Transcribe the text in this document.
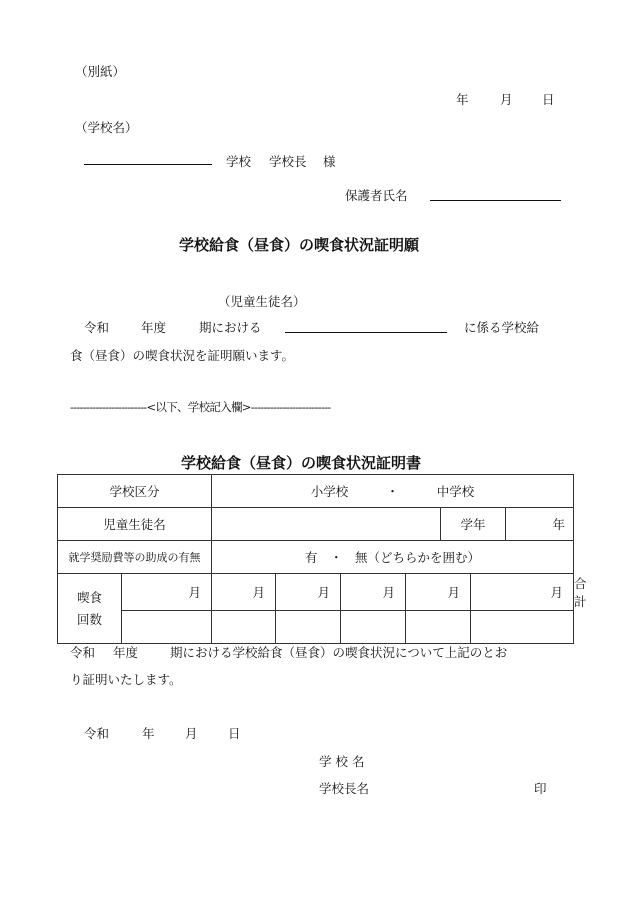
（別紙）
年	月 日
（学校名）
学校 学校長 様
保護者氏名
学校給食（昼食）の喫食状況証明願
（児童生徒名）
令和	年度	期における	に係る学校給
食（昼食）の喫食状況を証明願います。
------------------------<以下、学校記入欄>-------------------------
学校給食（昼食）の喫食状況証明書
学校区分		小学校 ・ 中学校							
児童生徒名						学年		年	
就学奨励費等の助成の有無		有　・　無（どちらかを囲む）							
喫食
回数	月	月	月	月	月		月		合計

令和 年度	期における学校給食（昼食）の喫食状況について上記のとお
り証明いたします。
令和	年 月 日
学 校 名
学校長名	印
